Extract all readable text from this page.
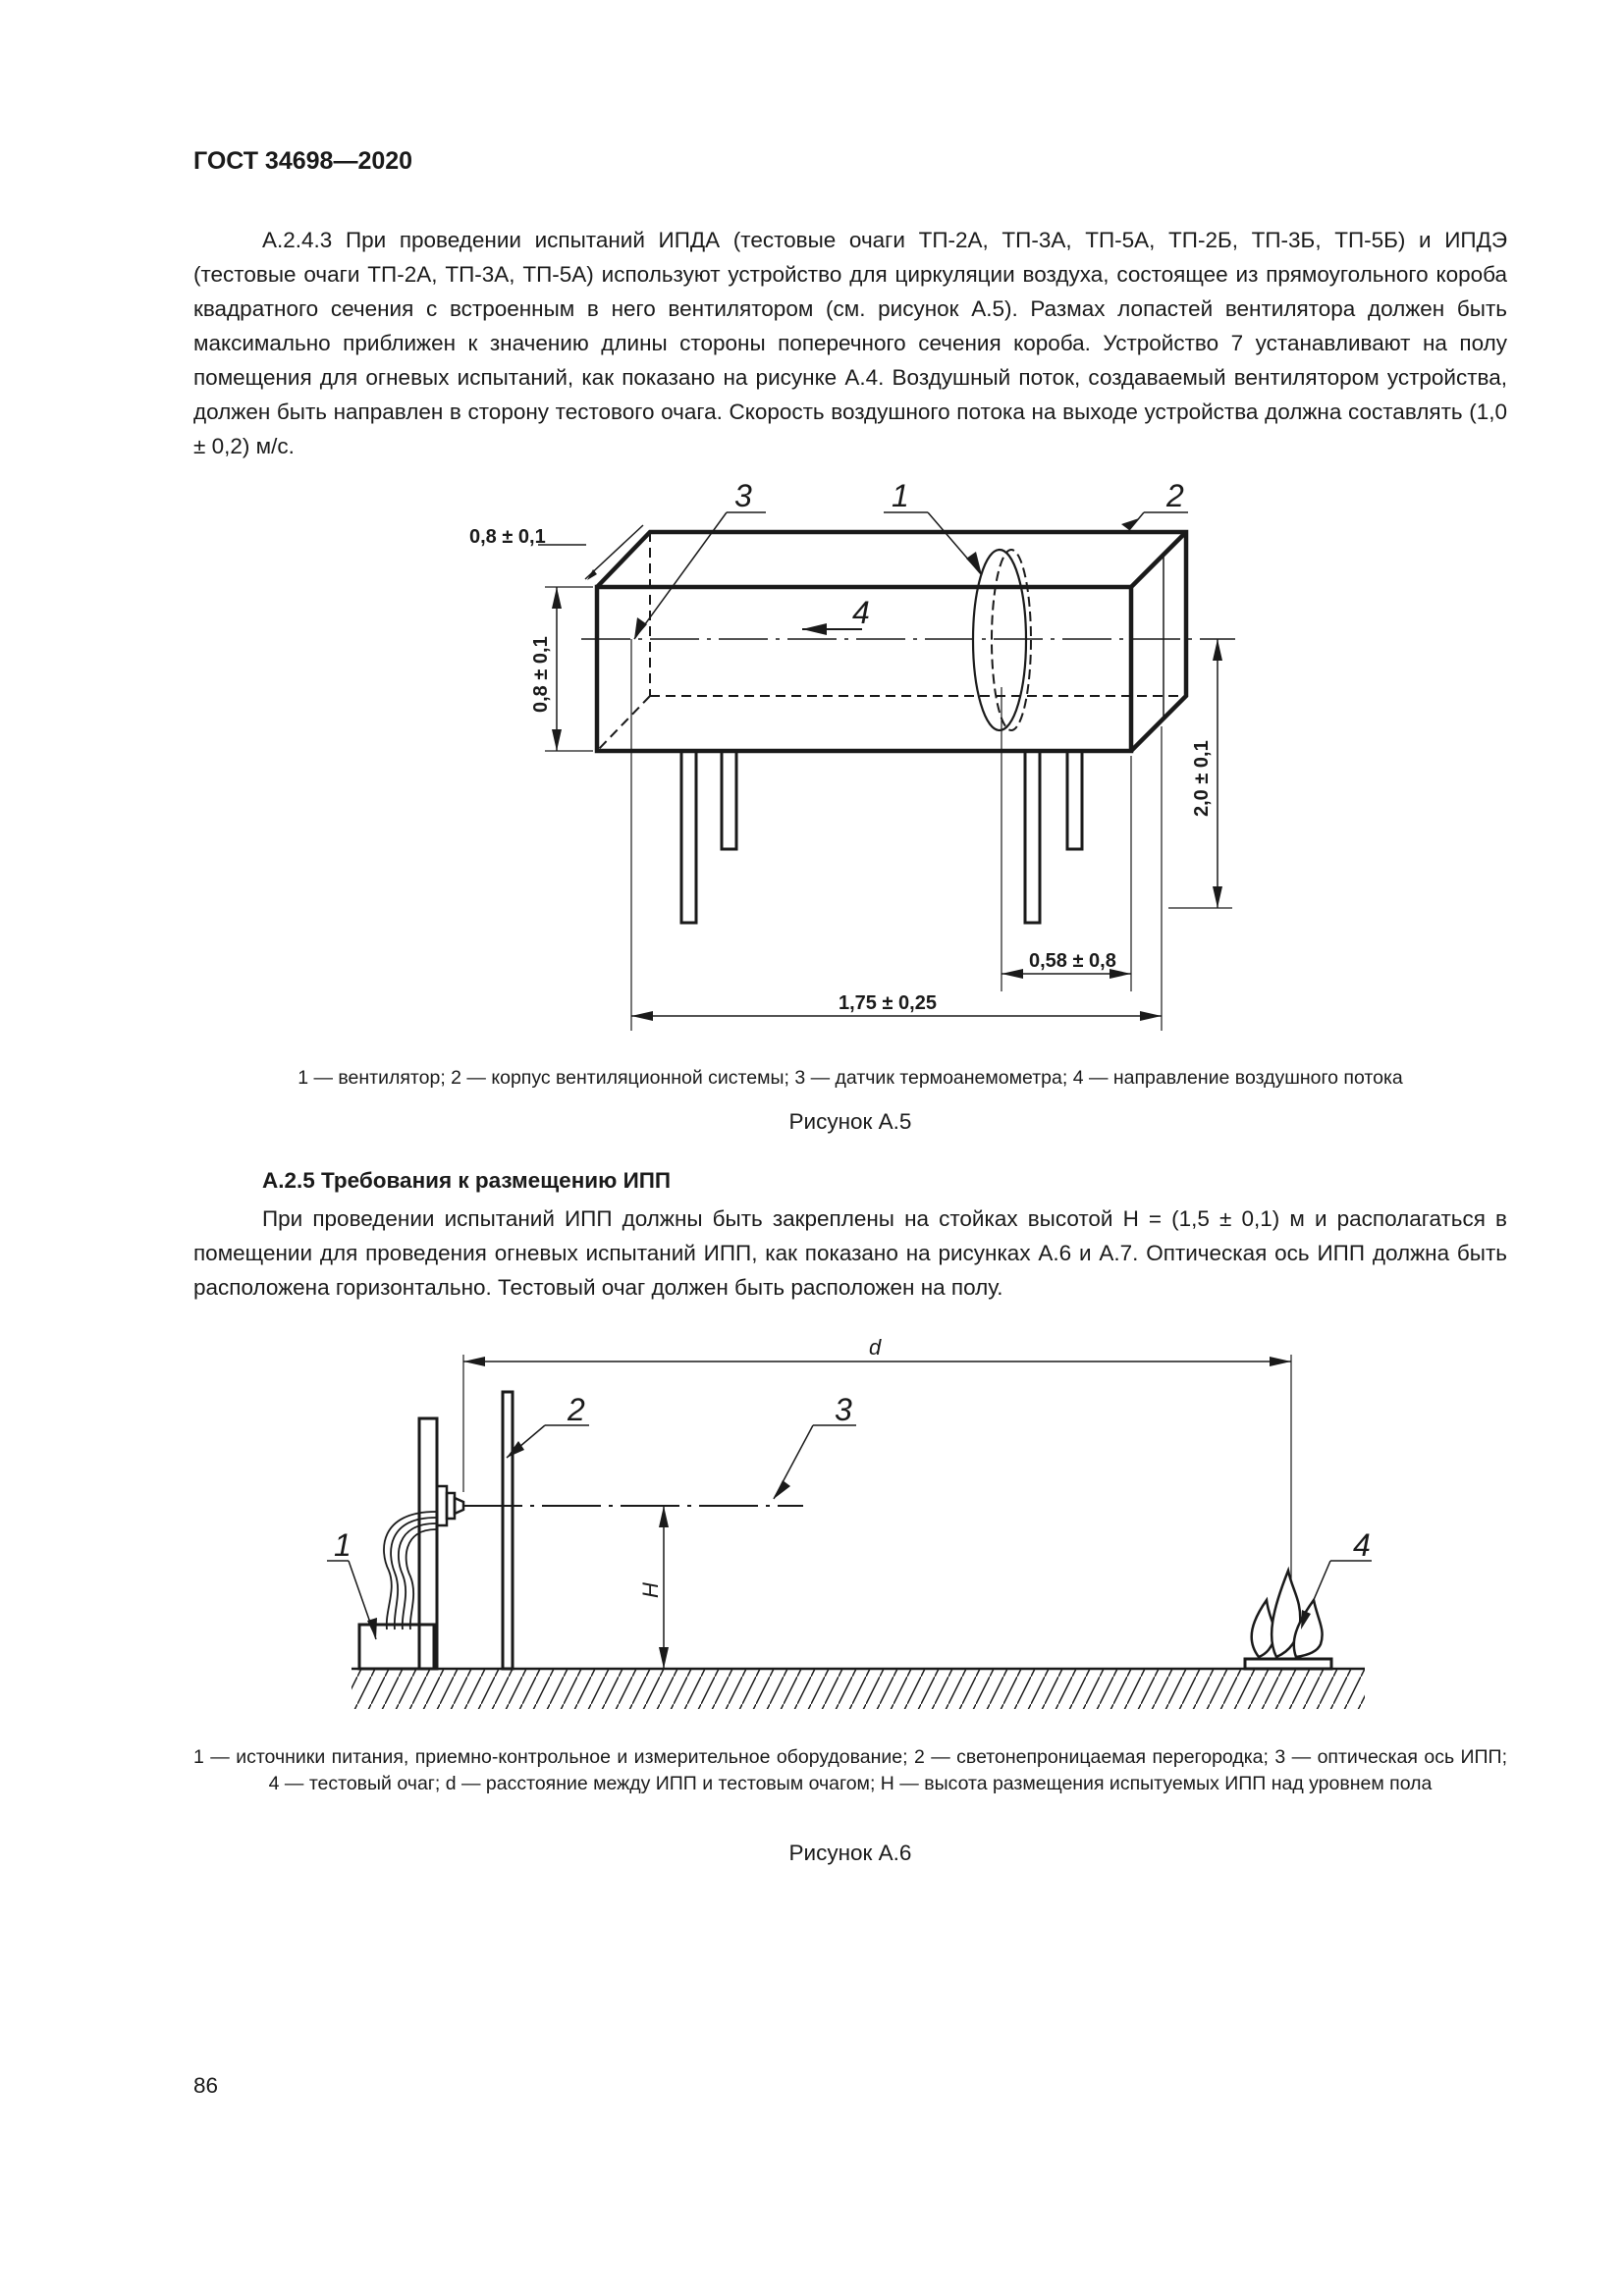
ГОСТ 34698—2020

А.2.4.3 При проведении испытаний ИПДА (тестовые очаги ТП-2А, ТП-3А, ТП-5А, ТП-2Б, ТП-3Б, ТП-5Б) и ИПДЭ (тестовые очаги ТП-2А, ТП-3А, ТП-5А) используют устройство для циркуляции воздуха, состоящее из прямоугольного короба квадратного сечения с встроенным в него вентилятором (см. рисунок А.5). Размах лопастей вентилятора должен быть максимально приближен к значению длины стороны поперечного сечения короба. Устройство 7 устанавливают на полу помещения для огневых испытаний, как показано на рисунке А.4. Воздушный поток, создаваемый вентилятором устройства, должен быть направлен в сторону тестового очага. Скорость воздушного потока на выходе устройства должна составлять (1,0 ± 0,2) м/с.

3	1	2
4
0,8 ± 0,1
0,8 ± 0,1
2,0 ± 0,1
0,58 ± 0,8
1,75 ± 0,25

1 — вентилятор; 2 — корпус вентиляционной системы; 3 — датчик термоанемометра; 4 — направление воздушного потока

Рисунок А.5
А.2.5 Требования к размещению ИПП

При проведении испытаний ИПП должны быть закреплены на стойках высотой H = (1,5 ± 0,1) м и располагаться в помещении для проведения огневых испытаний ИПП, как показано на рисунках А.6 и А.7. Оптическая ось ИПП должна быть расположена горизонтально. Тестовый очаг должен быть расположен на полу.

d
H
2	3
1	4

1 — источники питания, приемно-контрольное и измерительное оборудование; 2 — светонепроницаемая перегородка; 3 — оптическая ось ИПП; 4 — тестовый очаг; d — расстояние между ИПП и тестовым очагом; H — высота размещения испытуемых ИПП над уровнем пола

Рисунок А.6
86
